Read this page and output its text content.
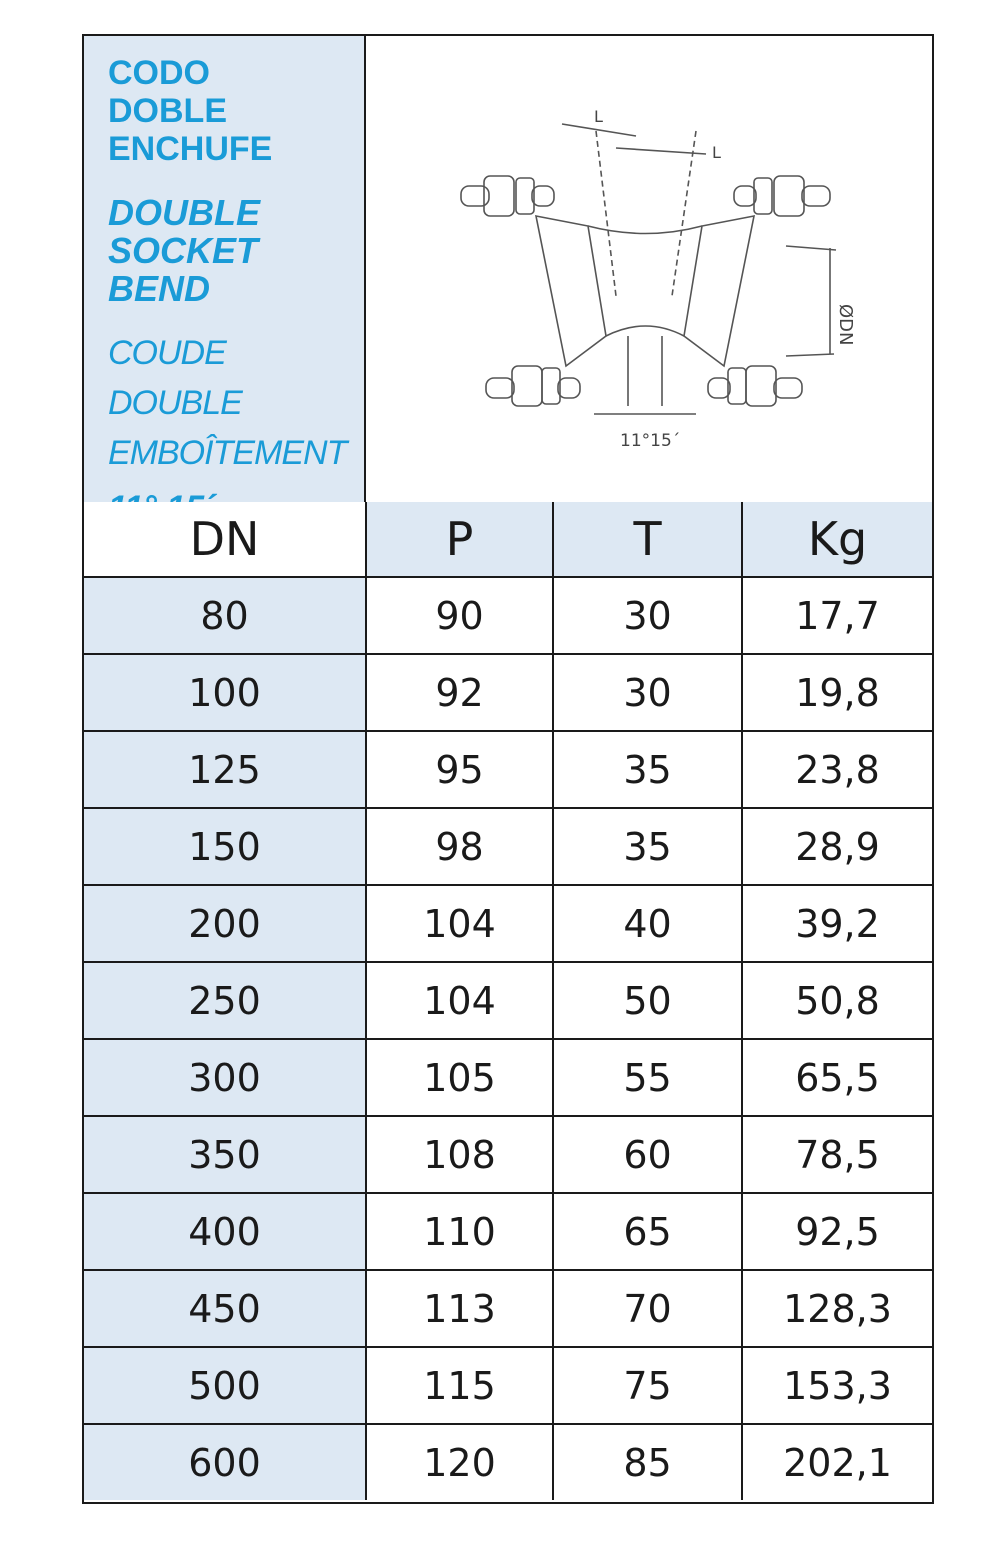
CODO
DOBLE
ENCHUFE
DOUBLE
SOCKET
BEND
COUDE DOUBLE
EMBOÎTEMENT
L
L
ØDN
11°15´
DN	P	T	Kg
80	90	30	17,7
100	92	30	19,8
125	95	35	23,8
150	98	35	28,9
200	104	40	39,2
250	104	50	50,8
300	105	55	65,5
350	108	60	78,5
400	110	65	92,5
450	113	70	128,3
500	115	75	153,3
600	120	85	202,1
